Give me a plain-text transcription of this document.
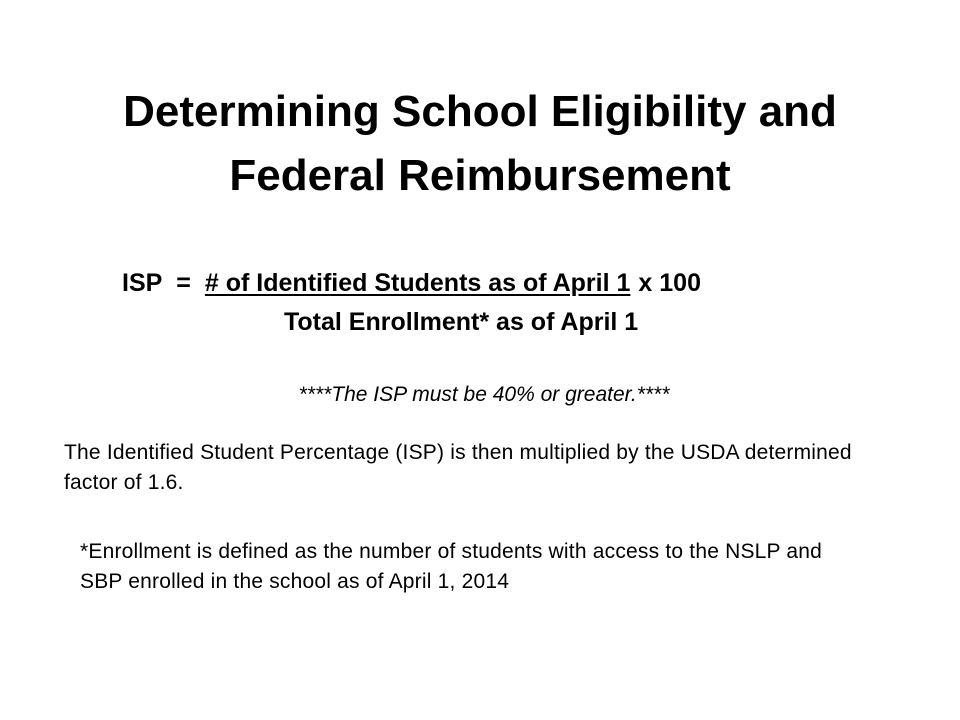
Determining School Eligibility and
Federal Reimbursement
ISP = # of Identified Students as of April 1 x 100
Total Enrollment* as of April 1
****The ISP must be 40% or greater.****
The Identified Student Percentage (ISP) is then multiplied by the USDA determined factor of 1.6.
*Enrollment is defined as the number of students with access to the NSLP and SBP enrolled in the school as of April 1, 2014
